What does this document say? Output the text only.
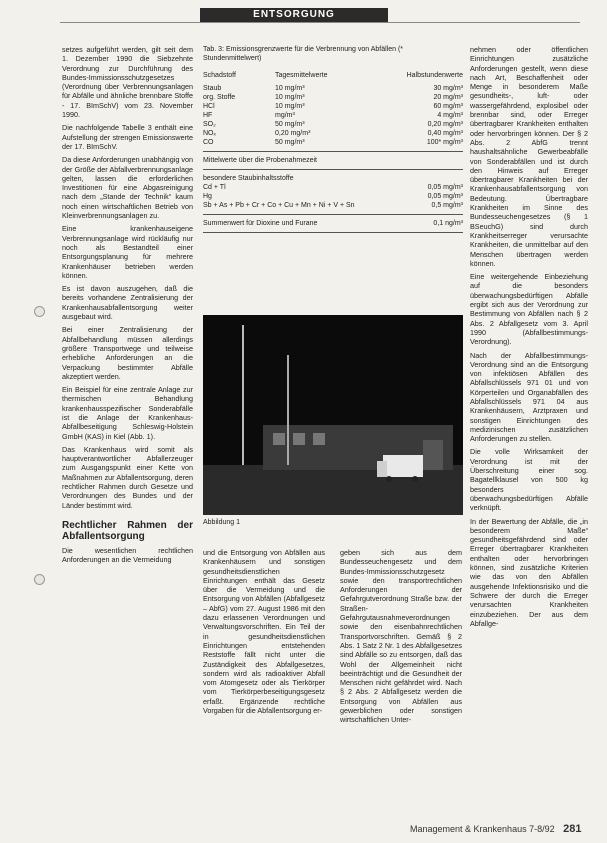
ENTSORGUNG

setzes aufgeführt werden, gilt seit dem 1. Dezember 1990 die Siebzehnte Verordnung zur Durchführung des Bundes-Immissionsschutzgesetzes (Verordnung über Verbrennungsanlagen für Abfälle und ähnliche brennbare Stoffe - 17. BImSchV) vom 23. November 1990.

Die nachfolgende Tabelle 3 enthält eine Aufstellung der strengen Emissionswerte der 17. BImSchV.

Da diese Anforderungen unabhängig von der Größe der Abfallverbrennungsanlage gelten, lassen die erforderlichen Investitionen für eine Abgasreinigung nach dem „Stande der Technik“ kaum noch einen wirtschaftlichen Betrieb von Kleinverbrennungsanlagen zu.

Eine krankenhauseigene Verbrennungsanlage wird rückläufig nur noch als Bestandteil einer Entsorgungsplanung für mehrere Krankenhäuser betrieben werden können.

Es ist davon auszugehen, daß die bereits vorhandene Zentralisierung der Krankenhausabfallentsorgung weiter ausgebaut wird.

Bei einer Zentralisierung der Abfallbehandlung müssen allerdings größere Transportwege und teilweise erhebliche Anforderungen an die Verpackung bestimmter Abfälle akzeptiert werden.

Ein Beispiel für eine zentrale Anlage zur thermischen Behandlung krankenhausspezifischer Sonderabfälle ist die Anlage der Krankenhaus-Abfallbeseitigung Schleswig-Holstein GmbH (KAS) in Kiel (Abb. 1).

Das Krankenhaus wird somit als hauptverantwortlicher Abfallerzeuger zum Ausgangspunkt einer Kette von Maßnahmen zur Abfallentsorgung, deren rechtlicher Rahmen durch Gesetze und Verordnungen des Bundes und der Länder bestimmt wird.

Rechtlicher Rahmen der Abfallentsorgung

Die wesentlichen rechtlichen Anforderungen an die Vermeidung

Tab. 3: Emissionsgrenzwerte für die Verbrennung von Abfällen (* Stundenmittelwert)
Schadstoff	Tagesmittelwerte	Halbstundenwerte
Staub	10 mg/m³	30 mg/m³
org. Stoffe	10 mg/m³	20 mg/m³
HCl	10 mg/m³	60 mg/m³
HF	mg/m³	4 mg/m³
SO₂	50 mg/m³	0,20 mg/m³
NOₓ	0,20 mg/m³	0,40 mg/m³
CO	50 mg/m³	100* mg/m³
Mittelwerte über die Probenahmezeit
besondere Staubinhaltsstoffe
Cd + Tl	0,05 mg/m³
Hg	0,05 mg/m³
Sb + As + Pb + Cr + Co + Cu + Mn + Ni + V + Sn	0,5 mg/m³
Summenwert für Dioxine und Furane	0,1 ng/m³
Abbildung 1

und die Entsorgung von Abfällen aus Krankenhäusern und sonstigen gesundheitsdienstlichen Einrichtungen enthält das Gesetz über die Vermeidung und die Entsorgung von Abfällen (Abfallgesetz – AbfG) vom 27. August 1986 mit den dazu erlassenen Verordnungen und Verwaltungsvorschriften. Ein Teil der in gesundheitsdienstlichen Einrichtungen entstehenden Reststoffe fällt nicht unter die Zuständigkeit des Abfallgesetzes, sondern wird als radioaktiver Abfall vom Atomgesetz oder als Tierkörper vom Tierkörperbeseitigungsgesetz erfaßt. Ergänzende rechtliche Vorgaben für die Abfallentsorgung er-

geben sich aus dem Bundesseuchengesetz und dem Bundes-Immissionsschutzgesetz sowie den transportrechtlichen Anforderungen der Gefahrgutverordnung Straße bzw. der Straßen-Gefahrgutausnahmeverordnungen sowie den eisenbahnrechtlichen Transportvorschriften. Gemäß § 2 Abs. 1 Satz 2 Nr. 1 des Abfallgesetzes sind Abfälle so zu entsorgen, daß das Wohl der Allgemeinheit nicht beeinträchtigt und die Gesundheit der Menschen nicht gefährdet wird. Nach § 2 Abs. 2 Abfallgesetz werden die Entsorgung von Abfällen aus gewerblichen oder sonstigen wirtschaftlichen Unter-

nehmen oder öffentlichen Einrichtungen zusätzliche Anforderungen gestellt, wenn diese nach Art, Beschaffenheit oder Menge in besonderem Maße gesundheits-, luft- oder wassergefährdend, explosibel oder brennbar sind, oder Erreger übertragbarer Krankheiten enthalten oder hervorbringen können. Der § 2 Abs. 2 AbfG trennt haushaltsähnliche Gewerbeabfälle von Sonderabfällen und ist durch den Hinweis auf Erreger übertragbarer Krankheiten bei der Krankenhausabfallentsorgung von Bedeutung. Übertragbare Krankheiten im Sinne des Bundesseuchengesetzes (§ 1 BSeuchG) sind durch Krankheitserreger verursachte Krankheiten, die unmittelbar auf den Menschen übertragen werden können.

Eine weitergehende Einbeziehung auf die besonders überwachungsbedürftigen Abfälle ergibt sich aus der Verordnung zur Bestimmung von Abfällen nach § 2 Abs. 2 Abfallgesetz vom 3. April 1990 (Abfallbestimmungs-Verordnung).

Nach der Abfallbestimmungs-Verordnung sind an die Entsorgung von infektiösen Abfällen des Abfallschlüssels 971 01 und von Körperteilen und Organabfällen des Abfallschlüssels 971 04 aus Krankenhäusern, Arztpraxen und sonstigen Einrichtungen des medizinischen zusätzlichen Anforderungen zu stellen.

Die volle Wirksamkeit der Verordnung ist mit der Überschreitung einer sog. Bagatellklausel von 500 kg besonders überwachungsbedürftigen Abfälle verknüpft.

In der Bewertung der Abfälle, die „in besonderem Maße“ gesundheitsgefährdend sind oder Erreger übertragbarer Krankheiten enthalten oder hervorbringen können, sind zusätzliche Kriterien wie das von den Abfällen ausgehende Infektionsrisiko und die Schwere der durch die Erreger verursachten Krankheiten einzubeziehen. Der aus dem Abfallge-

Management & Krankenhaus 7-8/92 281
